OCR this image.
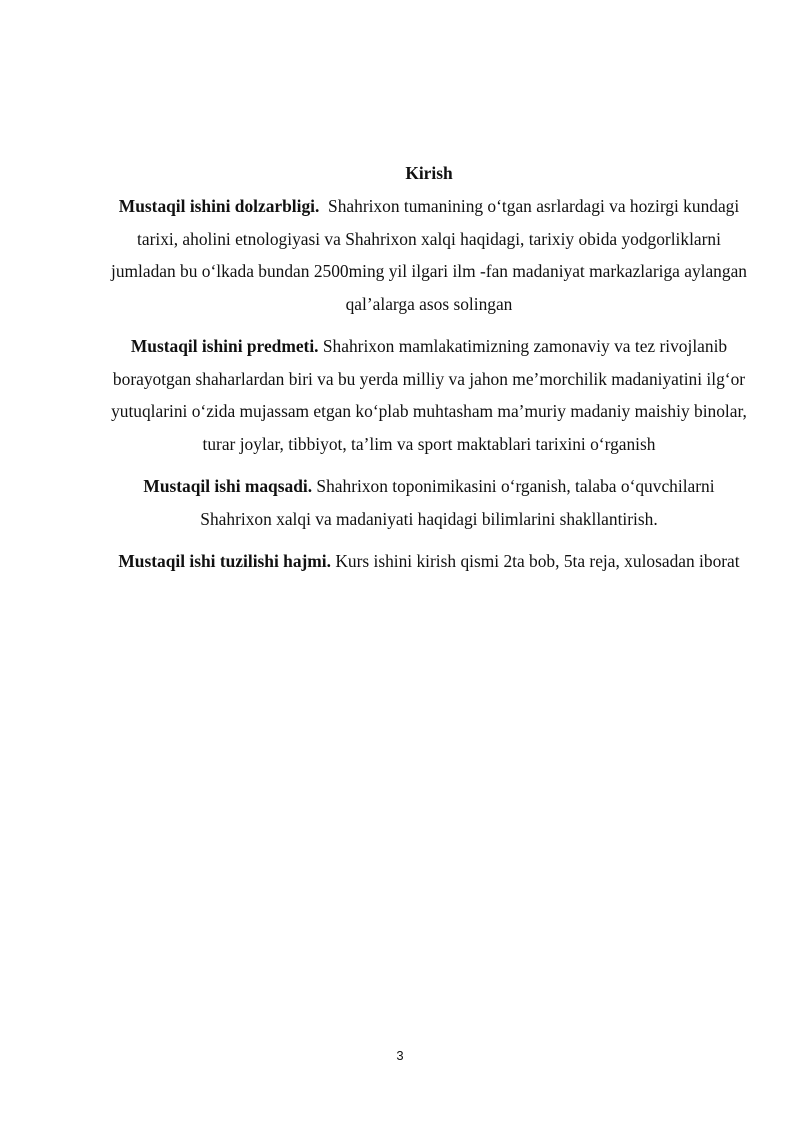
Kirish

Mustaqil ishini dolzarbligi. Shahrixon tumanining o‘tgan asrlardagi va hozirgi kundagi tarixi, aholini etnologiyasi va Shahrixon xalqi haqidagi, tarixiy obida yodgorliklarni jumladan bu o‘lkada bundan 2500ming yil ilgari ilm -fan madaniyat markazlariga aylangan qal’alarga asos solingan

Mustaqil ishini predmeti. Shahrixon mamlakatimizning zamonaviy va tez rivojlanib borayotgan shaharlardan biri va bu yerda milliy va jahon me’morchilik madaniyatini ilg‘or yutuqlarini o‘zida mujassam etgan ko‘plab muhtasham ma’muriy madaniy maishiy binolar, turar joylar, tibbiyot, ta’lim va sport maktablari tarixini o‘rganish

Mustaqil ishi maqsadi. Shahrixon toponimikasini o‘rganish, talaba o‘quvchilarni Shahrixon xalqi va madaniyati haqidagi bilimlarini shakllantirish.

Mustaqil ishi tuzilishi hajmi. Kurs ishini kirish qismi 2ta bob, 5ta reja, xulosadan iborat

3
